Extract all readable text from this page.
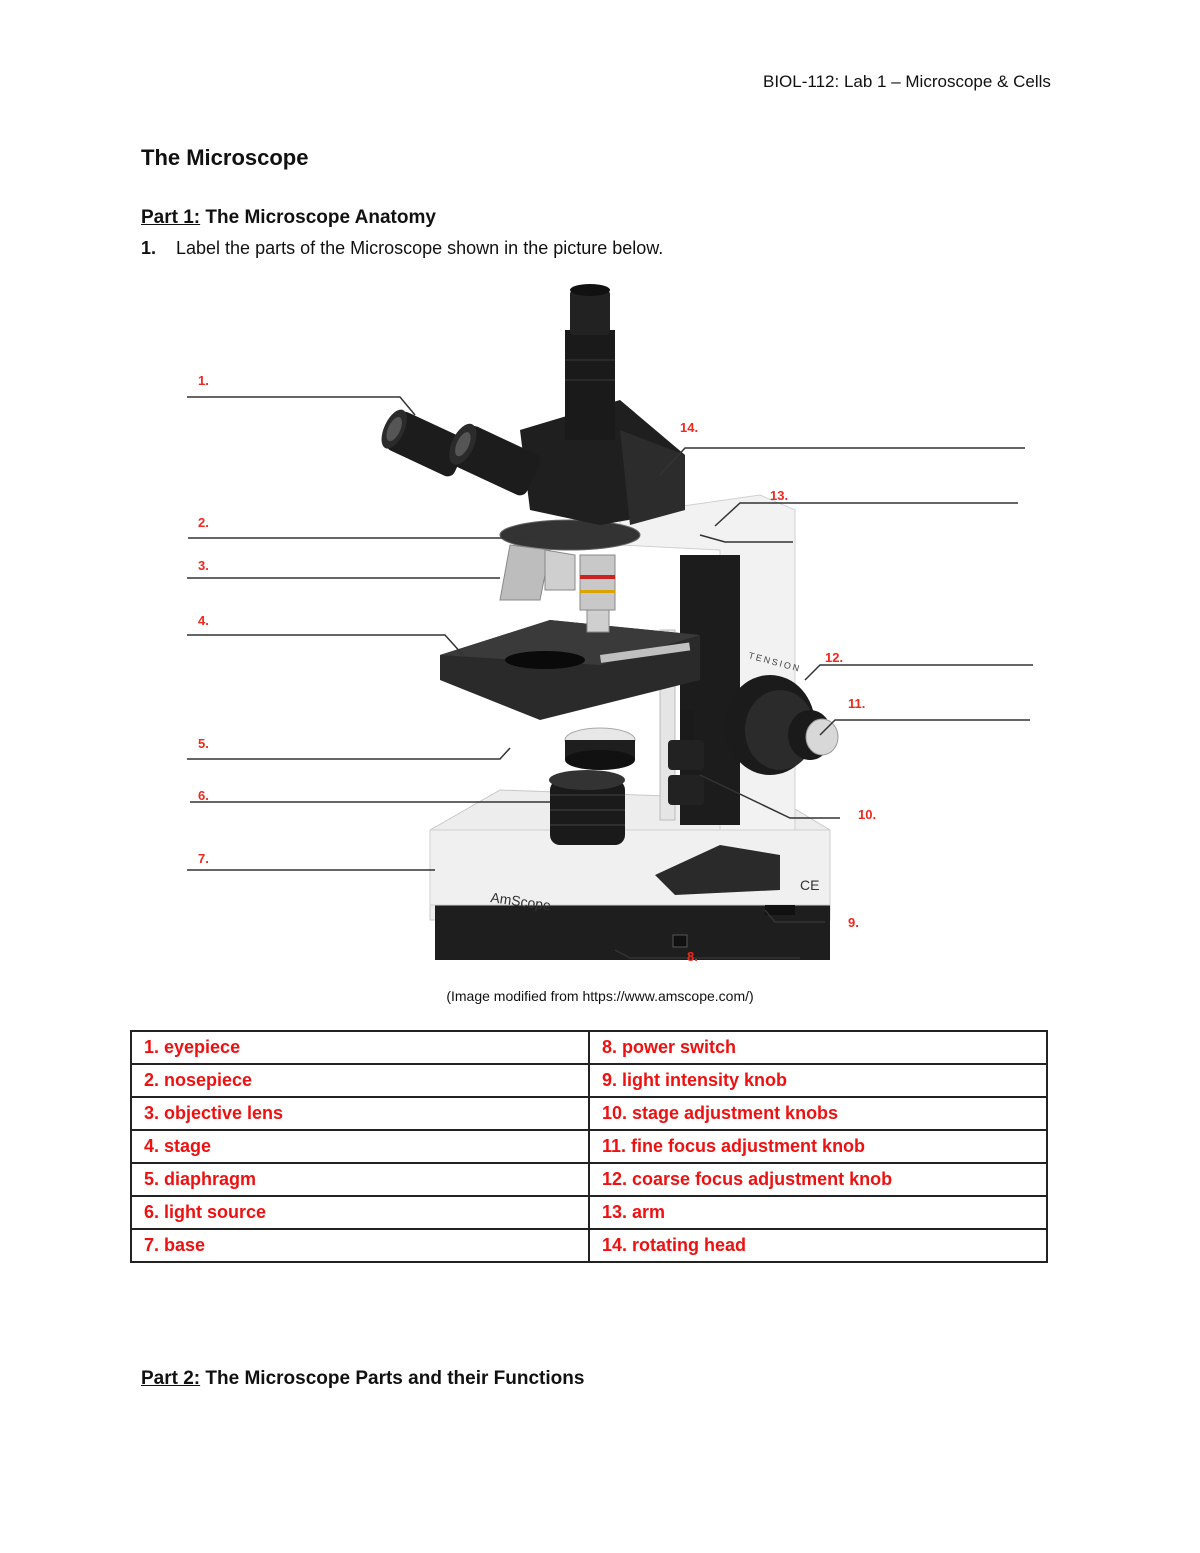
BIOL-112: Lab 1 – Microscope & Cells
The Microscope
Part 1: The Microscope Anatomy
1. Label the parts of the Microscope shown in the picture below.
AmScope
CE
TENSION
1.
2.
3.
4.
5.
6.
7.
8.
9.
10.
11.
12.
13.
14.
(Image modified from https://www.amscope.com/)
1. eyepiece	8. power switch
2. nosepiece	9. light intensity knob
3. objective lens	10. stage adjustment knobs
4. stage	11. fine focus adjustment knob
5. diaphragm	12. coarse focus adjustment knob
6. light source	13. arm
7. base	14. rotating head
Part 2: The Microscope Parts and their Functions
